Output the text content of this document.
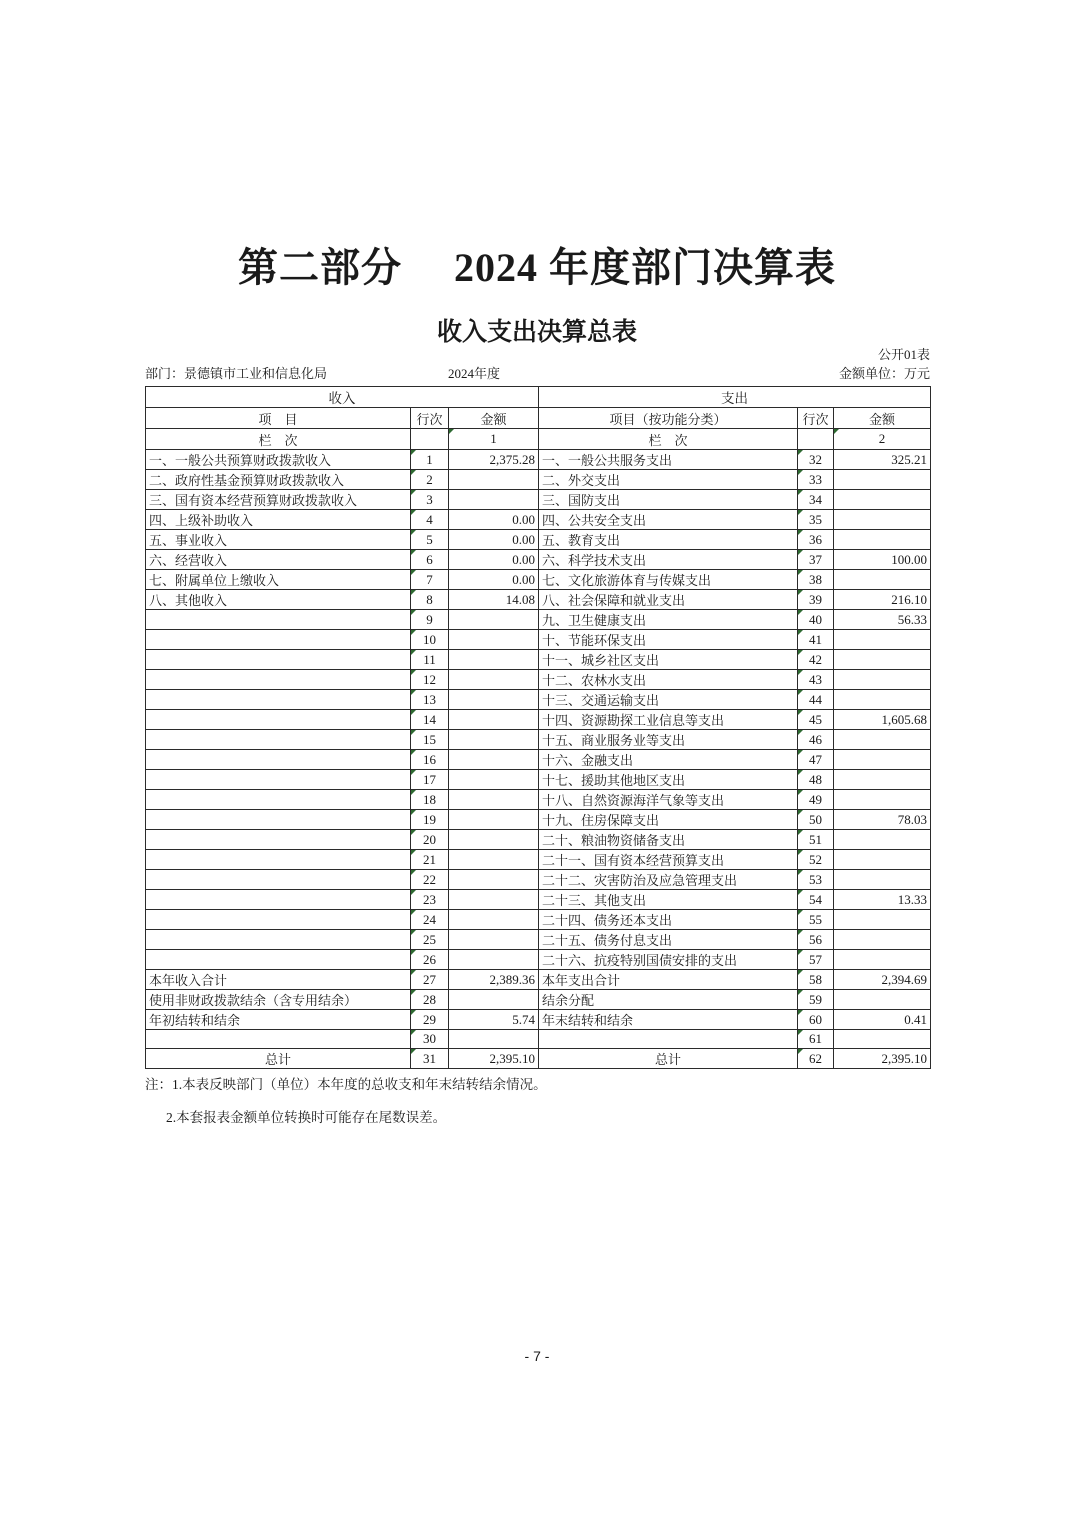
第二部分　 2024 年度部门决算表
收入支出决算总表
公开01表
部门：景德镇市工业和信息化局	2024年度	金额单位：万元
收入			支出		
项　目	行次	金额	项目（按功能分类）	行次	金额
栏　次		1	栏　次		2
一、一般公共预算财政拨款收入	1	2,375.28	一、一般公共服务支出	32	325.21
二、政府性基金预算财政拨款收入	2		二、外交支出	33	
三、国有资本经营预算财政拨款收入	3		三、国防支出	34	
四、上级补助收入	4	0.00	四、公共安全支出	35	
五、事业收入	5	0.00	五、教育支出	36	
六、经营收入	6	0.00	六、科学技术支出	37	100.00
七、附属单位上缴收入	7	0.00	七、文化旅游体育与传媒支出	38	
八、其他收入	8	14.08	八、社会保障和就业支出	39	216.10
	9		九、卫生健康支出	40	56.33
	10		十、节能环保支出	41	
	11		十一、城乡社区支出	42	
	12		十二、农林水支出	43	
	13		十三、交通运输支出	44	
	14		十四、资源勘探工业信息等支出	45	1,605.68
	15		十五、商业服务业等支出	46	
	16		十六、金融支出	47	
	17		十七、援助其他地区支出	48	
	18		十八、自然资源海洋气象等支出	49	
	19		十九、住房保障支出	50	78.03
	20		二十、粮油物资储备支出	51	
	21		二十一、国有资本经营预算支出	52	
	22		二十二、灾害防治及应急管理支出	53	
	23		二十三、其他支出	54	13.33
	24		二十四、债务还本支出	55	
	25		二十五、债务付息支出	56	
	26		二十六、抗疫特别国债安排的支出	57	
本年收入合计	27	2,389.36	本年支出合计	58	2,394.69
使用非财政拨款结余（含专用结余）	28		结余分配	59	
年初结转和结余	29	5.74	年末结转和结余	60	0.41
	30			61	
总计	31	2,395.10	总计	62	2,395.10
注：1.本表反映部门（单位）本年度的总收支和年末结转结余情况。
2.本套报表金额单位转换时可能存在尾数误差。
- 7 -
